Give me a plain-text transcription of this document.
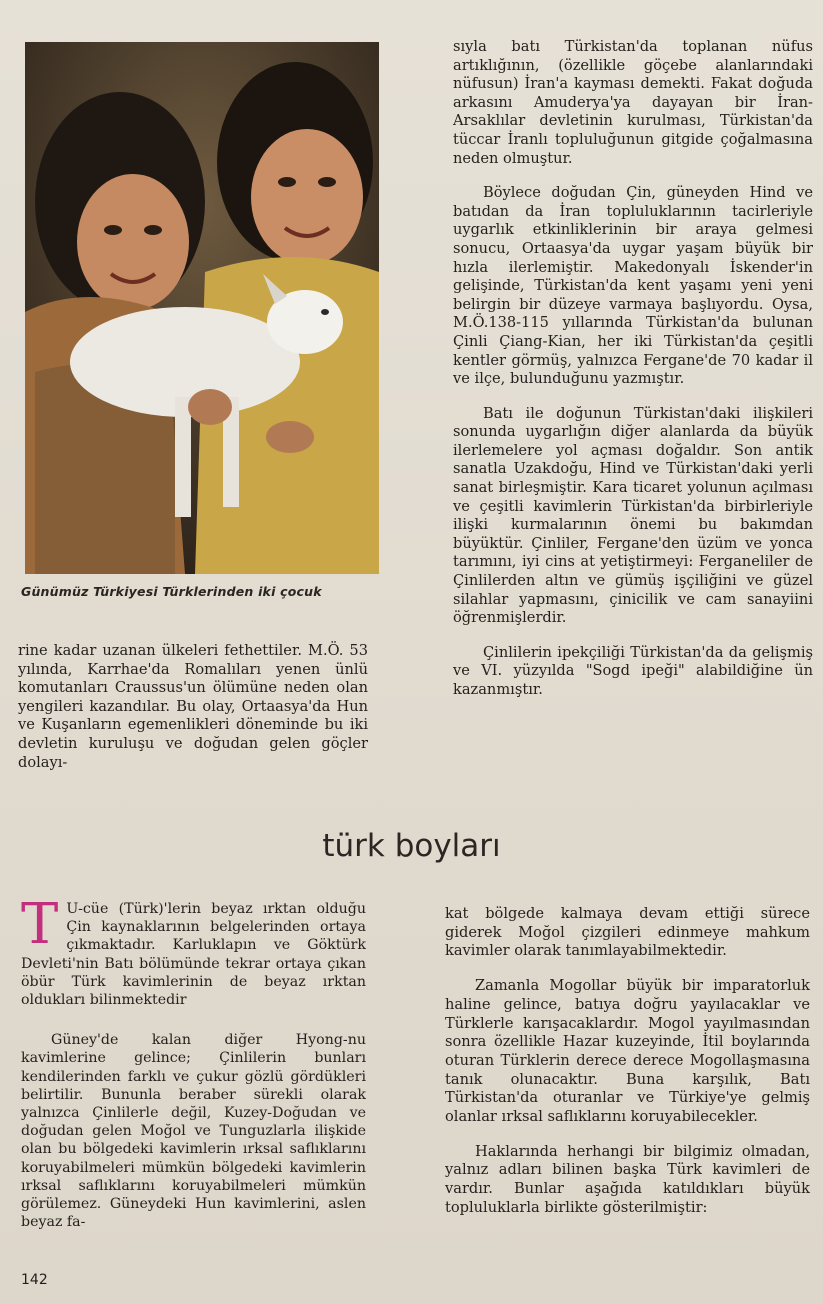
Günümüz Türkiyesi Türklerinden iki çocuk

sıyla batı Türkistan'da toplanan nüfus artıklığının, (özellikle göçebe alanlarındaki nüfusun) İran'a kayması demekti. Fakat doğuda arkasını Amuderya'ya dayayan bir İran-Arsaklılar devletinin kurulması, Türkistan'da tüccar İranlı topluluğunun gitgide çoğalmasına neden olmuştur.

Böylece doğudan Çin, güneyden Hind ve batıdan da İran topluluklarının tacirleriyle uygarlık etkinliklerinin bir araya gelmesi sonucu, Ortaasya'da uygar yaşam büyük bir hızla ilerlemiştir. Makedonyalı İskender'in gelişinde, Türkistan'da kent yaşamı yeni yeni belirgin bir düzeye varmaya başlıyordu. Oysa, M.Ö.138-115 yıllarında Türkistan'da bulunan Çinli Çiang-Kian, her iki Türkistan'da çeşitli kentler görmüş, yalnızca Fergane'de 70 kadar il ve ilçe, bulunduğunu yazmıştır.

Batı ile doğunun Türkistan'daki ilişkileri sonunda uygarlığın diğer alanlarda da büyük ilerlemelere yol açması doğaldır. Son antik sanatla Uzakdoğu, Hind ve Türkistan'daki yerli sanat birleşmiştir. Kara ticaret yolunun açılması ve çeşitli kavimlerin Türkistan'da birbirleriyle ilişki kurmalarının önemi bu bakımdan büyüktür. Çinliler, Fergane'den üzüm ve yonca tarımını, iyi cins at yetiştirmeyi: Ferganeliler de Çinlilerden altın ve gümüş işçiliğini ve güzel silahlar yapmasını, çinicilik ve cam sanayiini öğrenmişlerdir.

Çinlilerin ipekçiliği Türkistan'da da gelişmiş ve VI. yüzyılda "Sogd ipeği" alabildiğine ün kazanmıştır.

rine kadar uzanan ülkeleri fethettiler. M.Ö. 53 yılında, Karrhae'da Romalıları yenen ünlü komutanları Craussus'un ölümüne neden olan yengileri kazandılar. Bu olay, Ortaasya'da Hun ve Kuşanların egemenlikleri döneminde bu iki devletin kuruluşu ve doğudan gelen göçler dolayı-

türk boyları

T U-cüe (Türk)'lerin beyaz ırktan olduğu Çin kaynaklarının belgelerinden ortaya çıkmaktadır. Karluklaрın ve Göktürk Devleti'nin Batı bölümünde tekrar ortaya çıkan öbür Türk kavimlerinin de beyaz ırktan oldukları bilinmektedir

Güney'de kalan diğer Hyong-nu kavimlerine gelince; Çinlilerin bunları kendilerinden farklı ve çukur gözlü gördükleri belirtilir. Bununla beraber sürekli olarak yalnızca Çinlilerle değil, Kuzey-Doğudan ve doğudan gelen Moğol ve Tunguzlarla ilişkide olan bu bölgedeki kavimlerin ırksal saflıklarını koruyabilmeleri mümkün bölgedeki kavimlerin ırksal saflıklarını koruyabilmeleri mümkün görülemez. Güneydeki Hun kavimlerini, aslen beyaz fa-

kat bölgede kalmaya devam ettiği sürece giderek Moğol çizgileri edinmeye mahkum kavimler olarak tanımlayabilmektedir.

Zamanla Mogollar büyük bir imparatorluk haline gelince, batıya doğru yayılacaklar ve Türklerle karışacaklardır. Mogol yayılmasından sonra özellikle Hazar kuzeyinde, İtil boylarında oturan Türklerin derece derece Mogollaşmasına tanık olunacaktır. Buna karşılık, Batı Türkistan'da oturanlar ve Türkiye'ye gelmiş olanlar ırksal saflıklarını koruyabilecekler.

Haklarında herhangi bir bilgimiz olmadan, yalnız adları bilinen başka Türk kavimleri de vardır. Bunlar aşağıda katıldıkları büyük topluluklarla birlikte gösterilmiştir:

142
